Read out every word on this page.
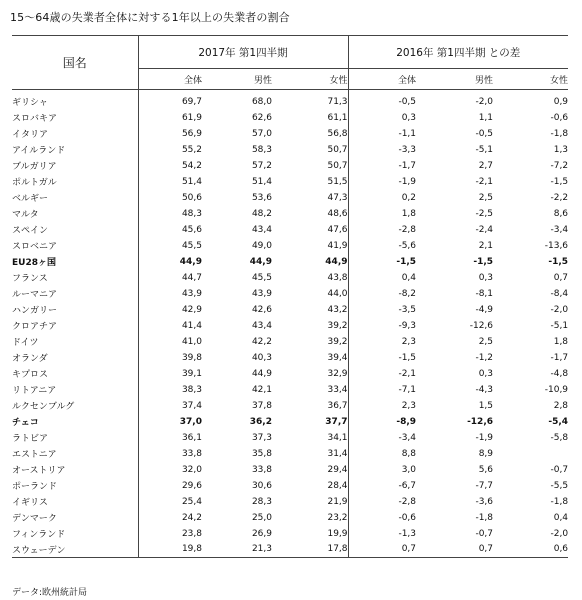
15〜64歳の失業者全体に対する1年以上の失業者の割合
国名	2017年 第1四半期			2016年 第1四半期 との差		
	全体	男性	女性	全体	男性	女性
ギリシャ	69,7	68,0	71,3	-0,5	-2,0	0,9
スロバキア	61,9	62,6	61,1	0,3	1,1	-0,6
イタリア	56,9	57,0	56,8	-1,1	-0,5	-1,8
アイルランド	55,2	58,3	50,7	-3,3	-5,1	1,3
ブルガリア	54,2	57,2	50,7	-1,7	2,7	-7,2
ポルトガル	51,4	51,4	51,5	-1,9	-2,1	-1,5
ベルギー	50,6	53,6	47,3	0,2	2,5	-2,2
マルタ	48,3	48,2	48,6	1,8	-2,5	8,6
スペイン	45,6	43,4	47,6	-2,8	-2,4	-3,4
スロベニア	45,5	49,0	41,9	-5,6	2,1	-13,6
EU28ヶ国	44,9	44,9	44,9	-1,5	-1,5	-1,5
フランス	44,7	45,5	43,8	0,4	0,3	0,7
ルーマニア	43,9	43,9	44,0	-8,2	-8,1	-8,4
ハンガリー	42,9	42,6	43,2	-3,5	-4,9	-2,0
クロアチア	41,4	43,4	39,2	-9,3	-12,6	-5,1
ドイツ	41,0	42,2	39,2	2,3	2,5	1,8
オランダ	39,8	40,3	39,4	-1,5	-1,2	-1,7
キプロス	39,1	44,9	32,9	-2,1	0,3	-4,8
リトアニア	38,3	42,1	33,4	-7,1	-4,3	-10,9
ルクセンブルグ	37,4	37,8	36,7	2,3	1,5	2,8
チェコ	37,0	36,2	37,7	-8,9	-12,6	-5,4
ラトビア	36,1	37,3	34,1	-3,4	-1,9	-5,8
エストニア	33,8	35,8	31,4	8,8	8,9	
オーストリア	32,0	33,8	29,4	3,0	5,6	-0,7
ポーランド	29,6	30,6	28,4	-6,7	-7,7	-5,5
イギリス	25,4	28,3	21,9	-2,8	-3,6	-1,8
デンマーク	24,2	25,0	23,2	-0,6	-1,8	0,4
フィンランド	23,8	26,9	19,9	-1,3	-0,7	-2,0
スウェーデン	19,8	21,3	17,8	0,7	0,7	0,6
データ:欧州統計局
